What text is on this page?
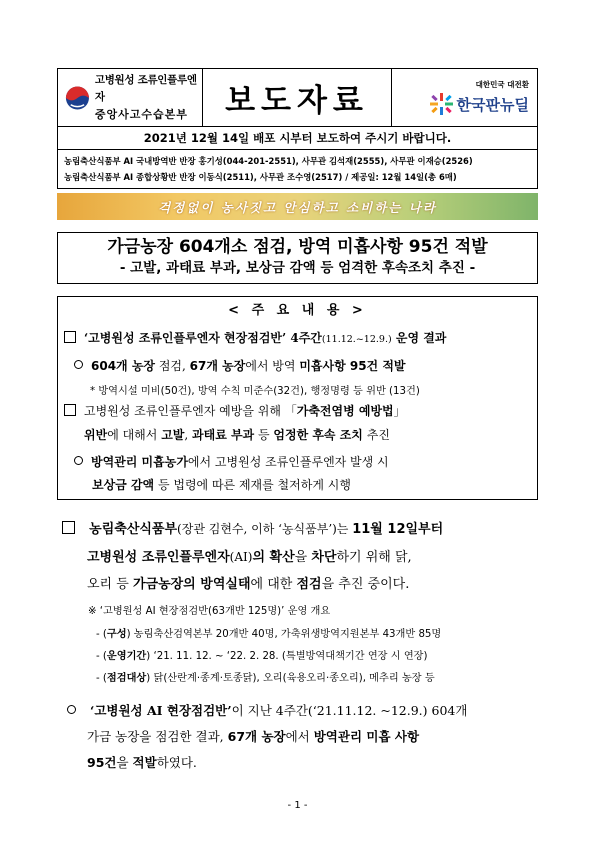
고병원성 조류인플루엔자
중앙사고수습본부	보도자료	대한민국 대전환
한국판뉴딜
2021년 12월 14일 배포 시부터 보도하여 주시기 바랍니다.
농림축산식품부 AI 국내방역반 반장 홍기성(044-201-2551), 사무관 김석재(2555), 사무관 이재승(2526)
농림축산식품부 AI 종합상황반 반장 이동식(2511), 사무관 조수영(2517) / 제공일: 12월 14일(총 6매)
걱정없이 농사짓고 안심하고 소비하는 나라
가금농장 604개소 점검, 방역 미흡사항 95건 적발
- 고발, 과태료 부과, 보상금 감액 등 엄격한 후속조치 추진 -
< 주 요 내 용 >
‘고병원성 조류인플루엔자 현장점검반’ 4주간(11.12.~12.9.) 운영 결과
604개 농장 점검, 67개 농장에서 방역 미흡사항 95건 적발
* 방역시설 미비(50건), 방역 수칙 미준수(32건), 행정명령 등 위반 (13건)
고병원성 조류인플루엔자 예방을 위해 「가축전염병 예방법」
위반에 대해서 고발, 과태료 부과 등 엄정한 후속 조치 추진
방역관리 미흡농가에서 고병원성 조류인플루엔자 발생 시
보상금 감액 등 법령에 따른 제재를 철저하게 시행
농림축산식품부(장관 김현수, 이하 ‘농식품부’)는 11월 12일부터
고병원성 조류인플루엔자(AI)의 확산을 차단하기 위해 닭,
오리 등 가금농장의 방역실태에 대한 점검을 추진 중이다.
※ ‘고병원성 AI 현장점검반(63개반 125명)’ 운영 개요
- (구성) 농림축산검역본부 20개반 40명, 가축위생방역지원본부 43개반 85명
- (운영기간) ‘21. 11. 12. ~ ‘22. 2. 28. (특별방역대책기간 연장 시 연장)
- (점검대상) 닭(산란계·종계·토종닭), 오리(육용오리·종오리), 메추리 농장 등
‘고병원성 AI 현장점검반’이 지난 4주간(‘21.11.12. ~12.9.) 604개
가금 농장을 점검한 결과, 67개 농장에서 방역관리 미흡 사항
95건을 적발하였다.
- 1 -
